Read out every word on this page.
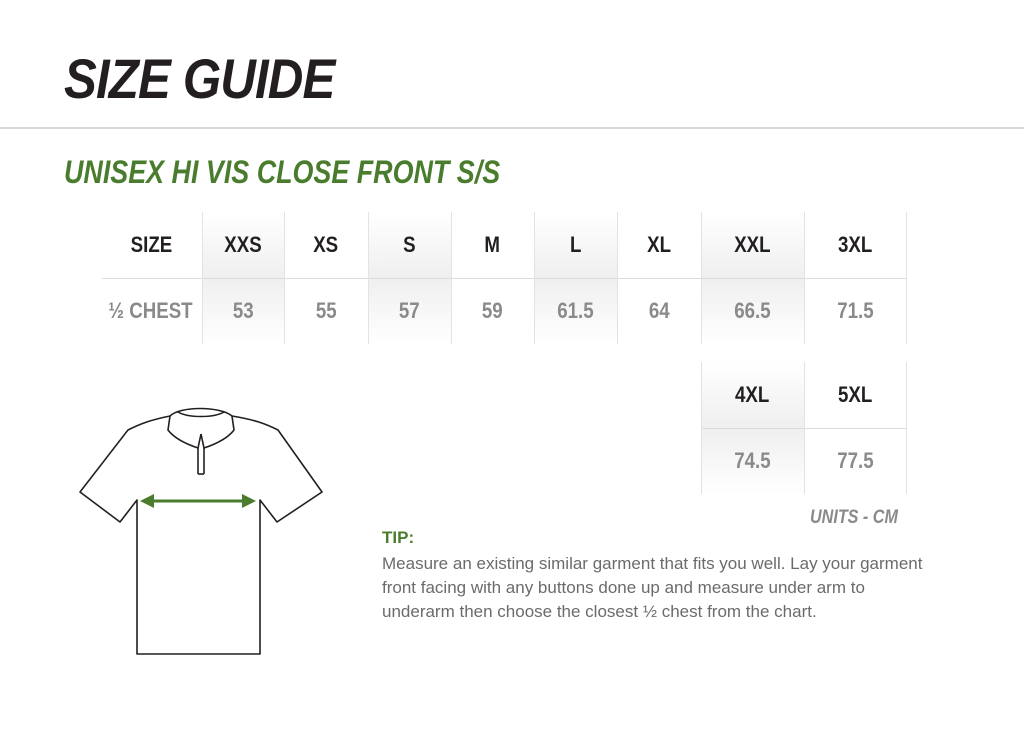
SIZE GUIDE
UNISEX HI VIS CLOSE FRONT S/S
SIZE
½ CHEST
XXS
53
XS
55
S
57
M
59
L
61.5
XL
64
XXL
66.5
3XL
71.5
4XL
74.5
5XL
77.5
UNITS - CM
TIP:
Measure an existing similar garment that fits you well. Lay your garment front facing with any buttons done up and measure under arm to underarm then choose the closest ½ chest from the chart.
